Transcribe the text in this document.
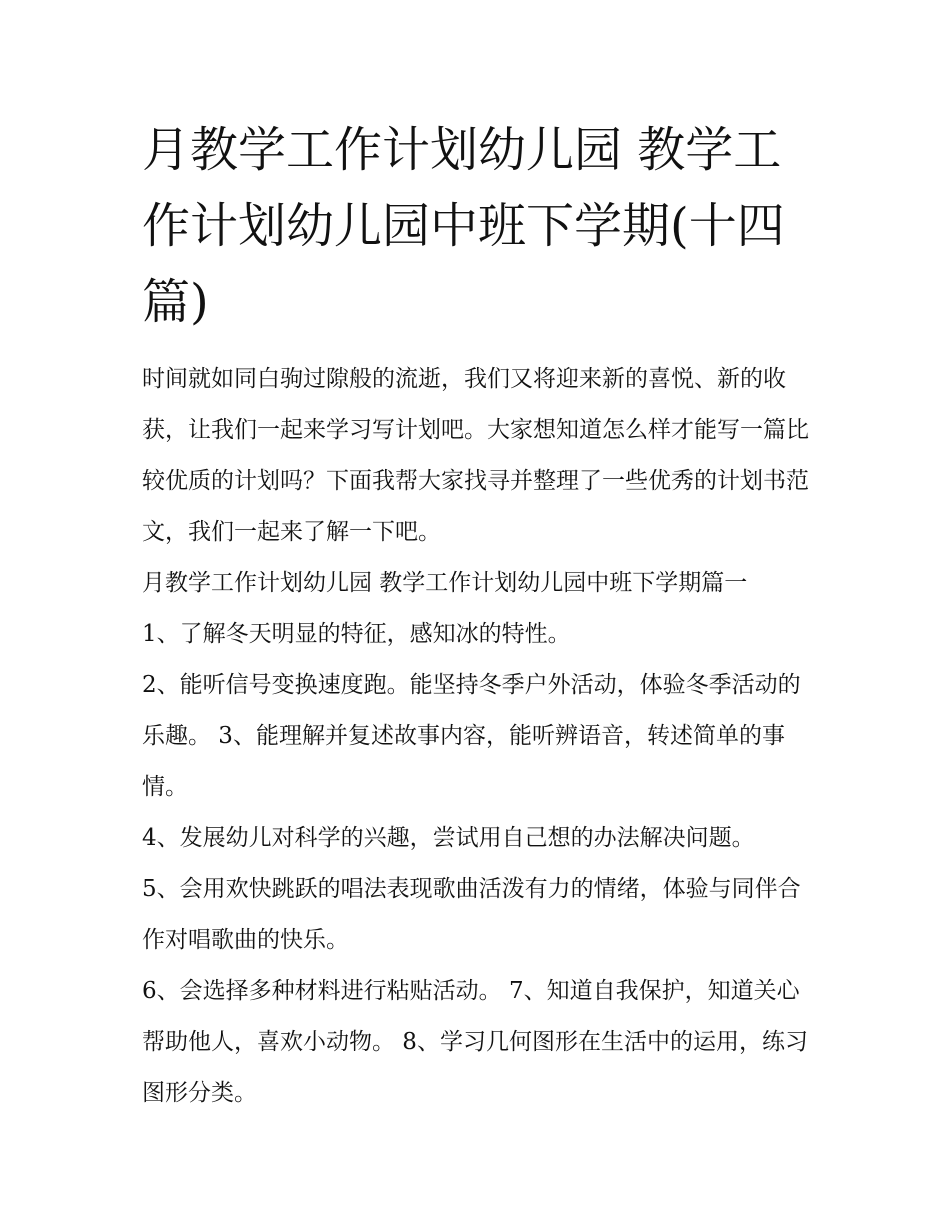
月教学工作计划幼儿园 教学工作计划幼儿园中班下学期(十四篇)

时间就如同白驹过隙般的流逝，我们又将迎来新的喜悦、新的收获，让我们一起来学习写计划吧。大家想知道怎么样才能写一篇比较优质的计划吗？下面我帮大家找寻并整理了一些优秀的计划书范文，我们一起来了解一下吧。

月教学工作计划幼儿园 教学工作计划幼儿园中班下学期篇一

1、了解冬天明显的特征，感知冰的特性。

2、能听信号变换速度跑。能坚持冬季户外活动，体验冬季活动的乐趣。 3、能理解并复述故事内容，能听辨语音，转述简单的事情。

4、发展幼儿对科学的兴趣，尝试用自己想的办法解决问题。

5、会用欢快跳跃的唱法表现歌曲活泼有力的情绪，体验与同伴合作对唱歌曲的快乐。

6、会选择多种材料进行粘贴活动。 7、知道自我保护，知道关心帮助他人，喜欢小动物。 8、学习几何图形在生活中的运用，练习图形分类。
